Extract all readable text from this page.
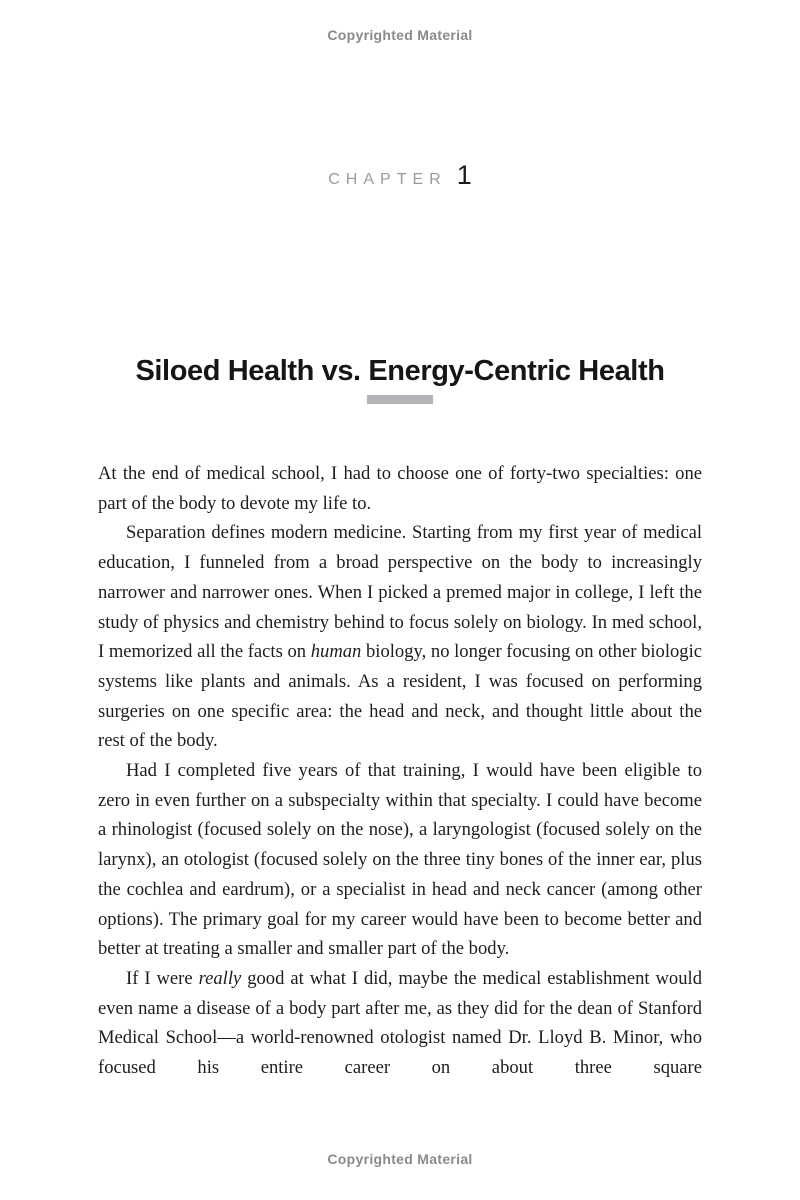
Copyrighted Material
CHAPTER 1
Siloed Health vs. Energy-Centric Health

At the end of medical school, I had to choose one of forty-two specialties: one part of the body to devote my life to.

Separation defines modern medicine. Starting from my first year of medical education, I funneled from a broad perspective on the body to increasingly narrower and narrower ones. When I picked a premed major in college, I left the study of physics and chemistry behind to focus solely on biology. In med school, I memorized all the facts on human biology, no longer focusing on other biologic systems like plants and animals. As a resident, I was focused on performing surgeries on one specific area: the head and neck, and thought little about the rest of the body.

Had I completed five years of that training, I would have been eligible to zero in even further on a subspecialty within that specialty. I could have become a rhinologist (focused solely on the nose), a laryngologist (focused solely on the larynx), an otologist (focused solely on the three tiny bones of the inner ear, plus the cochlea and eardrum), or a specialist in head and neck cancer (among other options). The primary goal for my career would have been to become better and better at treating a smaller and smaller part of the body.

If I were really good at what I did, maybe the medical establishment would even name a disease of a body part after me, as they did for the dean of Stanford Medical School—a world-renowned otologist named Dr. Lloyd B. Minor, who focused his entire career on about three square

Copyrighted Material
